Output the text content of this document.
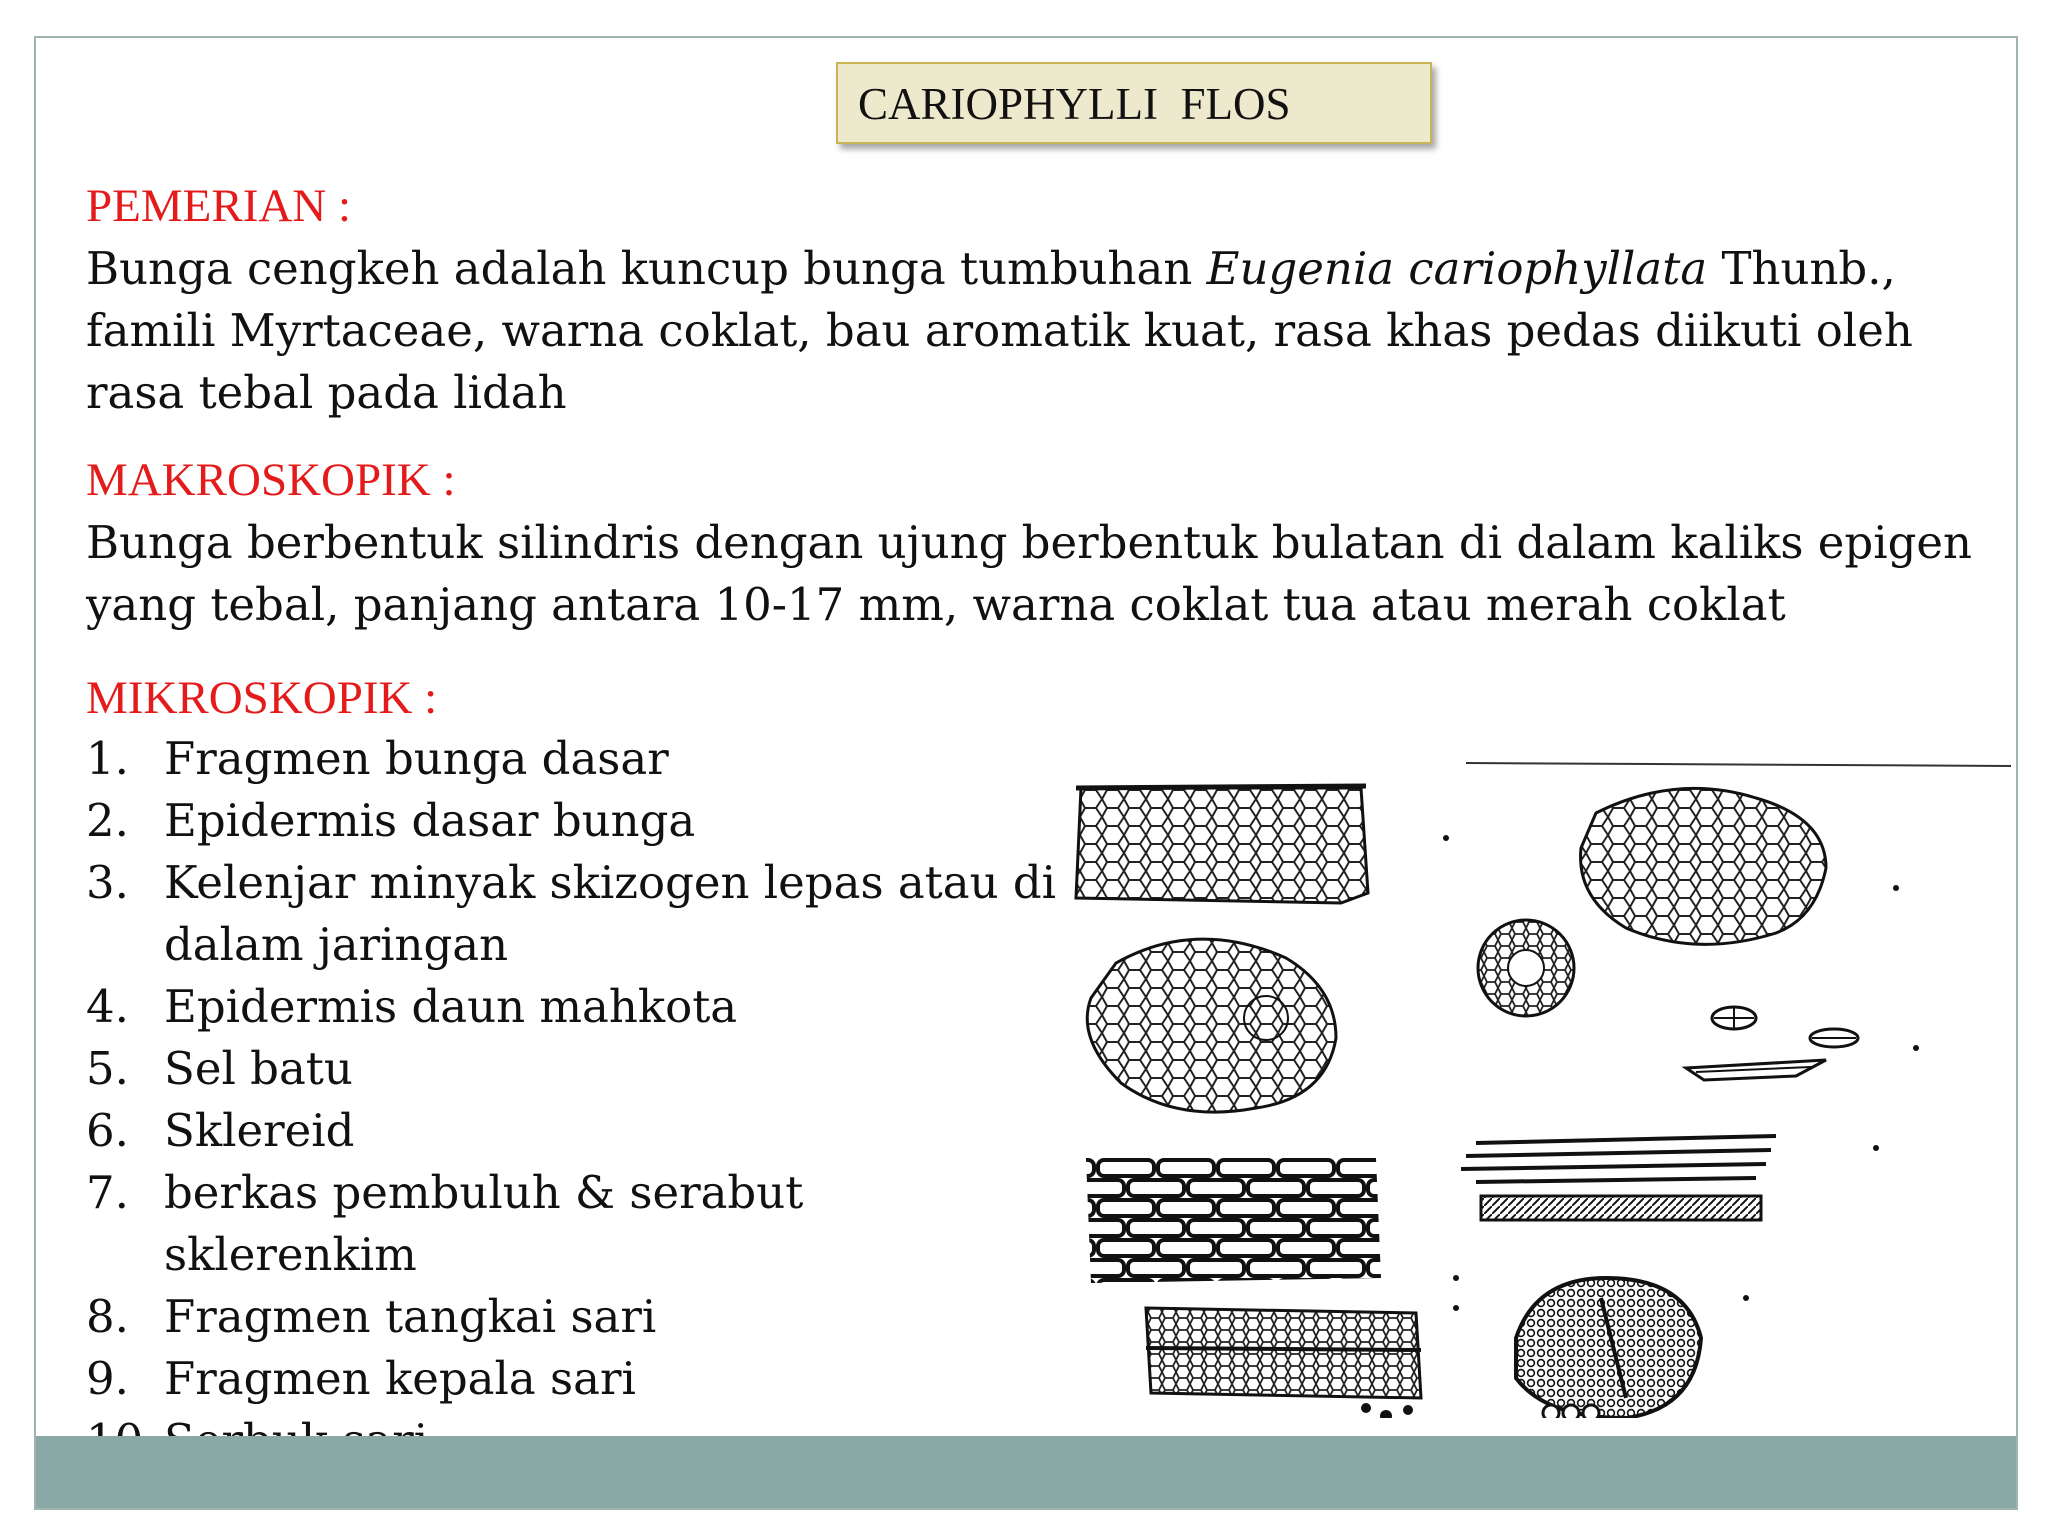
CARIOPHYLLI  FLOS
PEMERIAN :
Bunga cengkeh adalah kuncup bunga tumbuhan Eugenia cariophyllata Thunb., famili Myrtaceae, warna coklat, bau aromatik kuat, rasa khas pedas diikuti oleh rasa tebal pada lidah
MAKROSKOPIK :
Bunga berbentuk silindris dengan ujung berbentuk bulatan di dalam kaliks epigen yang tebal, panjang antara 10-17 mm, warna coklat tua atau merah coklat
MIKROSKOPIK :
1. Fragmen bunga dasar
2. Epidermis dasar bunga
3. Kelenjar minyak skizogen lepas atau di dalam jaringan
4. Epidermis daun mahkota
5. Sel batu
6. Sklereid
7. berkas pembuluh & serabut sklerenkim
8. Fragmen tangkai sari
9. Fragmen kepala sari
